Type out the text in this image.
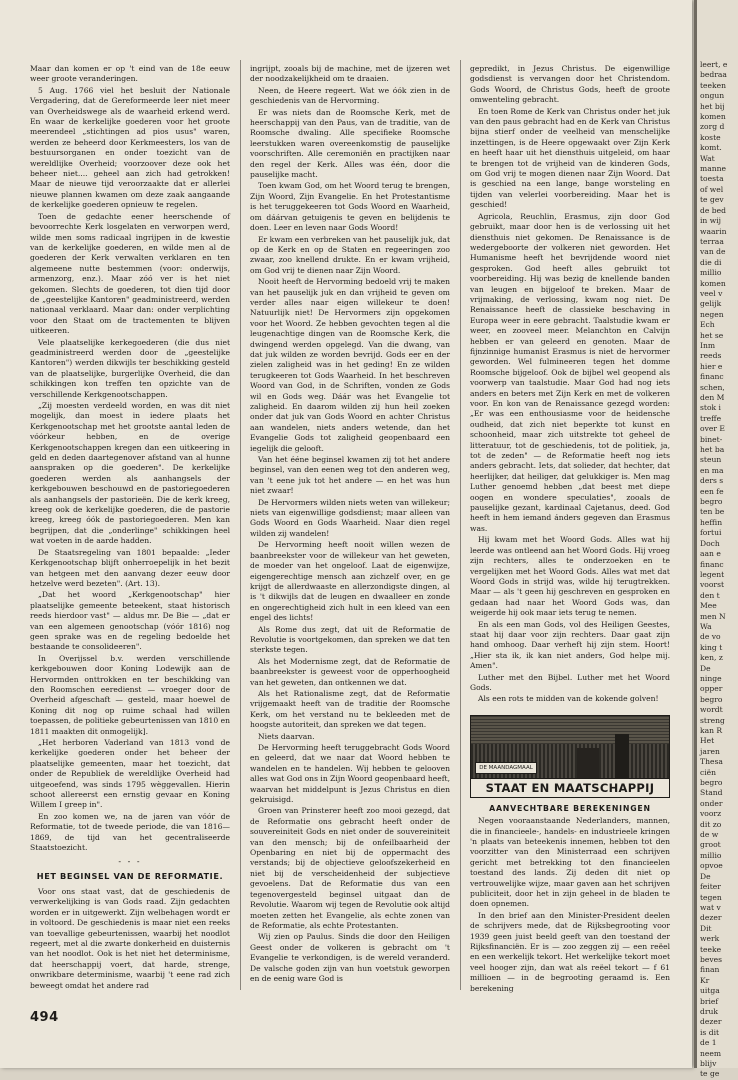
Maar dan komen er op 't eind van de 18e eeuw weer groote veranderingen.

5 Aug. 1766 viel het besluit der Nationale Vergadering, dat de Gereformeerde leer niet meer van Overheidswege als de waarheid erkend werd. En waar de kerkelijke goederen voor het groote meerendeel „stichtingen ad pios usus" waren, werden ze beheerd door Kerkmeesters, los van de bestuursorganen en onder toezicht van de wereldlijke Overheid; voorzoover deze ook het beheer niet.... geheel aan zich had getrokken! Maar de nieuwe tijd veroorzaakte dat er allerlei nieuwe plannen kwamen om deze zaak aangaande de kerkelijke goederen opnieuw te regelen.

Toen de gedachte eener heerschende of bevoorrechte Kerk losgelaten en verworpen werd, wilde men soms radicaal ingrijpen in de kwestie van de kerkelijke goederen, en wilde men al de goederen der Kerk verwalten verklaren en ten algemeene nutte bestemmen (voor: onderwijs, armenzorg, enz.). Maar zóó ver is het niet gekomen. Slechts de goederen, tot dien tijd door de „geestelijke Kantoren" geadministreerd, werden nationaal verklaard. Maar dan: onder verplichting voor den Staat om de tractementen te blijven uitkeeren.

Vele plaatselijke kerkegoederen (die dus niet geadministreerd werden door de „geestelijke Kantoren") werden dikwijls ter beschikking gesteld van de plaatselijke, burgerlijke Overheid, die dan schikkingen kon treffen ten opzichte van de verschillende Kerkgenootschappen.

„Zij moesten verdeeld worden, en was dit niet mogelijk, dan moest in iedere plaats het Kerkgenootschap met het grootste aantal leden de vóórkeur hebben, en de overige Kerkgenootschappen kregen dan een uitkeering in geld en deden daartegenover afstand van al hunne aanspraken op die goederen". De kerkelijke goederen werden als aanhangsels der kerkgebouwen beschouwd en de pastoriegoederen als aanhangsels der pastorieën. Die de kerk kreeg, kreeg ook de kerkelijke goederen, die de pastorie kreeg, kreeg óók de pastoriegoederen. Men kan begrijpen, dat die „onderlinge" schikkingen heel wat voeten in de aarde hadden.

De Staatsregeling van 1801 bepaalde: „Ieder Kerkgenootschap blijft onherroepelijk in het bezit van hetgeen met den aanvang dezer eeuw door hetzelve werd bezeten". (Art. 13).

„Dat het woord „Kerkgenootschap" hier plaatselijke gemeente beteekent, staat historisch reeds hierdoor vast" — aldus mr. De Bie — „dat er van een algemeen genootschap (vóór 1816) nog geen sprake was en de regeling bedoelde het bestaande te consolideeren".

In Overijssel b.v. werden verschillende kerkgebouwen door Koning Lodewijk aan de Hervormden onttrokken en ter beschikking van den Roomschen eeredienst — vroeger door de Overheid afgeschaft — gesteld, maar hoewel de Koning dit nog op ruime schaal had willen toepassen, de politieke gebeurtenissen van 1810 en 1811 maakten dit onmogelijk].

„Het herboren Vaderland van 1813 vond de kerkelijke goederen onder het beheer der plaatselijke gemeenten, maar het toezicht, dat onder de Republiek de wereldlijke Overheid had uitgeoefend, was sinds 1795 wèggevallen. Hierin schoot allereerst een ernstig gevaar en Koning Willem I greep in".

En zoo komen we, na de jaren van vóór de Reformatie, tot de tweede periode, die van 1816—1869, de tijd van het gecentraliseerde Staatstoezicht.

- - -
HET BEGINSEL VAN DE REFORMATIE.

Voor ons staat vast, dat de geschiedenis de verwerkelijking is van Gods raad. Zijn gedachten worden er in uitgewerkt. Zijn welbehagen wordt er in voltoord. De geschiedenis is maar niet een reeks van toevallige gebeurtenissen, waarbij het noodlot regeert, met al die zwarte donkerheid en duisternis van het noodlot. Ook is het niet het determinisme, dat heerschappij voert, dat harde, strenge, onwrikbare determinisme, waarbij 't eene rad zich beweegt omdat het andere rad

ingrijpt, zooals bij de machine, met de ijzeren wet der noodzakelijkheid om te draaien.

Neen, de Heere regeert. Wat we óók zien in de geschiedenis van de Hervorming.

Er was niets dan de Roomsche Kerk, met de heerschappij van den Paus, van de traditie, van de Roomsche dwaling. Alle specifieke Roomsche leerstukken waren overeenkomstig de pauselijke voorschriften. Alle ceremoniën en practijken naar den regel der Kerk. Alles was één, door die pauselijke macht.

Toen kwam God, om het Woord terug te brengen, Zijn Woord, Zijn Evangelie. En het Protestantisme is het teruggekeeren tot Gods Woord en Waarheid, om dáárvan getuigenis te geven en belijdenis te doen. Leer en leven naar Gods Woord!

Er kwam een verbreken van het pauselijk juk, dat op de Kerk en op de Staten en regeeringen zoo zwaar, zoo knellend drukte. En er kwam vrijheid, om God vrij te dienen naar Zijn Woord.

Nooit heeft de Hervorming bedoeld vrij te maken van het pauselijk juk en dan vrijheid te geven om verder alles naar eigen willekeur te doen! Natuurlijk niet! De Hervormers zijn opgekomen voor het Woord. Ze hebben gevochten tegen al die leugenachtige dingen van de Roomsche Kerk, die dwingend werden opgelegd. Van die dwang, van dat juk wilden ze worden bevrijd. Gods eer en der zielen zaligheid was in het geding! En ze wilden terugkeeren tot Gods Waarheid. In het beschreven Woord van God, in de Schriften, vonden ze Gods wil en Gods weg. Dáár was het Evangelie tot zaligheid. En daarom wilden zij hun heil zoeken onder dat juk van Gods Woord en achter Christus aan wandelen, niets anders wetende, dan het Evangelie Gods tot zaligheid geopenbaard een iegelijk die gelooft.

Van het ééne beginsel kwamen zij tot het andere beginsel, van den eenen weg tot den anderen weg, van 't eene juk tot het andere — en het was hun niet zwaar!

De Hervormers wilden niets weten van willekeur; niets van eigenwillige godsdienst; maar alleen van Gods Woord en Gods Waarheid. Naar dien regel wilden zij wandelen!

De Hervorming heeft nooit willen wezen de baanbreekster voor de willekeur van het geweten, de moeder van het ongeloof. Laat de eigenwijze, eigengerechtige mensch aan zichzelf over, en ge krijgt de allerdwaaste en allerzondigste dingen, al is 't dikwijls dat de leugen en dwaalleer en zonde en ongerechtigheid zich hult in een kleed van een engel des lichts!

Als Rome dus zegt, dat uit de Reformatie de Revolutie is voortgekomen, dan spreken we dat ten sterkste tegen.

Als het Modernisme zegt, dat de Reformatie de baanbreekster is geweest voor de opperhoogheid van het geweten, dan ontkennen we dat.

Als het Rationalisme zegt, dat de Reformatie vrijgemaakt heeft van de traditie der Roomsche Kerk, om het verstand nu te bekleeden met de hoogste autoriteit, dan spreken we dat tegen.

Niets daarvan.

De Hervorming heeft teruggebracht Gods Woord en geleerd, dat we naar dat Woord hebben te wandelen en te handelen. Wij hebben te gelooven alles wat God ons in Zijn Woord geopenbaard heeft, waarvan het middelpunt is Jezus Christus en dien gekruisigd.

Groen van Prinsterer heeft zoo mooi gezegd, dat de Reformatie ons gebracht heeft onder de souvereiniteit Gods en niet onder de souvereiniteit van den mensch; bij de onfeilbaarheid der Openbaring en niet bij de oppermacht des verstands; bij de objectieve geloofszekerheid en niet bij de verscheidenheid der subjectieve gevoelens. Dat de Reformatie dus van een tegenovergesteld beginsel uitgaat dan de Revolutie. Waarom wij tegen de Revolutie ook altijd moeten zetten het Evangelie, als echte zonen van de Reformatie, als echte Protestanten.

Wij zien op Paulus. Sinds die door den Heiligen Geest onder de volkeren is gebracht om 't Evangelie te verkondigen, is de wereld veranderd. De valsche goden zijn van hun voetstuk geworpen en de eenig ware God is

gepredikt, in Jezus Christus. De eigenwillige godsdienst is vervangen door het Christendom. Gods Woord, de Christus Gods, heeft de groote omwenteling gebracht.

En toen Rome de Kerk van Christus onder het juk van den paus gebracht had en de Kerk van Christus bijna stierf onder de veelheid van menschelijke inzettingen, is de Heere opgewaakt over Zijn Kerk en heeft haar uit het diensthuis uitgeleid, om haar te brengen tot de vrijheid van de kinderen Gods, om God vrij te mogen dienen naar Zijn Woord. Dat is geschied na een lange, bange worsteling en tijden van velerlei voorbereiding. Maar het is geschied!

Agricola, Reuchlin, Erasmus, zijn door God gebruikt, maar door hen is de verlossing uit het diensthuis niet gekomen. De Renaissance is de wedergeboorte der volkeren niet geworden. Het Humanisme heeft het bevrijdende woord niet gesproken. God heeft alles gebruikt tot voorbereiding. Hij was bezig de knellende banden van leugen en bijgeloof te breken. Maar de vrijmaking, de verlossing, kwam nog niet. De Renaissance heeft de classieke beschaving in Europa weer in eere gebracht. Taalstudie kwam er weer, en zooveel meer. Melanchton en Calvijn hebben er van geleerd en genoten. Maar de fijnzinnige humanist Erasmus is niet de hervormer geworden. Wel fulmineeren tegen het domme Roomsche bijgeloof. Ook de bijbel wel geopend als voorwerp van taalstudie. Maar God had nog iets anders en beters met Zijn Kerk en met de volkeren voor. En kon van de Renaissance gezegd worden: „Er was een enthousiasme voor de heidensche oudheid, dat zich niet beperkte tot kunst en schoonheid, maar zich uitstrekte tot geheel de litteratuur, tot de geschiedenis, tot de politiek, ja, tot de zeden" — de Reformatie heeft nog iets anders gebracht. Iets, dat solieder, dat hechter, dat heerlijker, dat heiliger, dat gelukkiger is. Men mag Luther genoemd hebben „dat beest met diepe oogen en wondere speculaties", zooals de pauselijke gezant, kardinaal Cajetanus, deed. God heeft in hem iemand ánders gegeven dan Erasmus was.

Hij kwam met het Woord Gods. Alles wat hij leerde was ontleend aan het Woord Gods. Hij vroeg zijn rechters, alles te onderzoeken en te vergelijken met het Woord Gods. Alles wat met dat Woord Gods in strijd was, wilde hij terugtrekken. Maar — als 't geen hij geschreven en gesproken en gedaan had naar het Woord Gods was, dan weigerde hij ook maar iets terug te nemen.

En als een man Gods, vol des Heiligen Geestes, staat hij daar voor zijn rechters. Daar gaat zijn hand omhoog. Daar verheft hij zijn stem. Hoort! „Hier sta ik, ik kan niet anders, God helpe mij. Amen".

Luther met den Bijbel. Luther met het Woord Gods.

Als een rots te midden van de kokende golven!

DE MAANDAGMAAL
STAAT EN MAATSCHAPPIJ
AANVECHTBARE BEREKENINGEN

Negen vooraanstaande Nederlanders, mannen, die in financieele-, handels- en industrieele kringen 'n plaats van beteekenis innemen, hebben tot den voorzitter van den Ministerraad een schrijven gericht met betrekking tot den financieelen toestand des lands. Zij deden dit niet op vertrouwelijke wijze, maar gaven aan het schrijven publiciteit, door het in zijn geheel in de bladen te doen opnemen.

In den brief aan den Minister-President deelen de schrijvers mede, dat de Rijksbegrooting voor 1939 geen juist beeld geeft van den toestand der Rijksfinanciën. Er is — zoo zeggen zij — een reëel en een werkelijk tekort. Het werkelijke tekort moet veel hooger zijn, dan wat als reëel tekort — f 61 millioen — in de begrooting geraamd is. Een berekening

494
leert, e
bedraa
teeken
ongun
het bij
komen
zorg d
koste
komt.
Wat
manne
toesta
of wel
te gev
de bed
in wij
waarin
terraa
van de
die di
millio
komen
veel v
gelijk
negen
Ech
het se
Inm
reeds
hier e
financ
schen,
den M
stok i
treffe
over E
binet-
het ba
steun
en ma
ders s
een fe
begro
ten be
heffin
fortui
Doch
aan e
financ
legent
voorst
den t
Mee
men N
Wa
de vo
king t
ken, z
De
ninge
opper
begro
wordt
streng
kan R
Het
jaren
Thesa
ciën
begro
Stand
onder
voorz
dit zo
de w
groot
millio
opvoe
De
feiter
tegen
wat v
dezer
Dit
werk
teeke
beves
finan
Kr
uitga
brief
druk
dezer
is dit
de 1
neem
blijv
te ge
